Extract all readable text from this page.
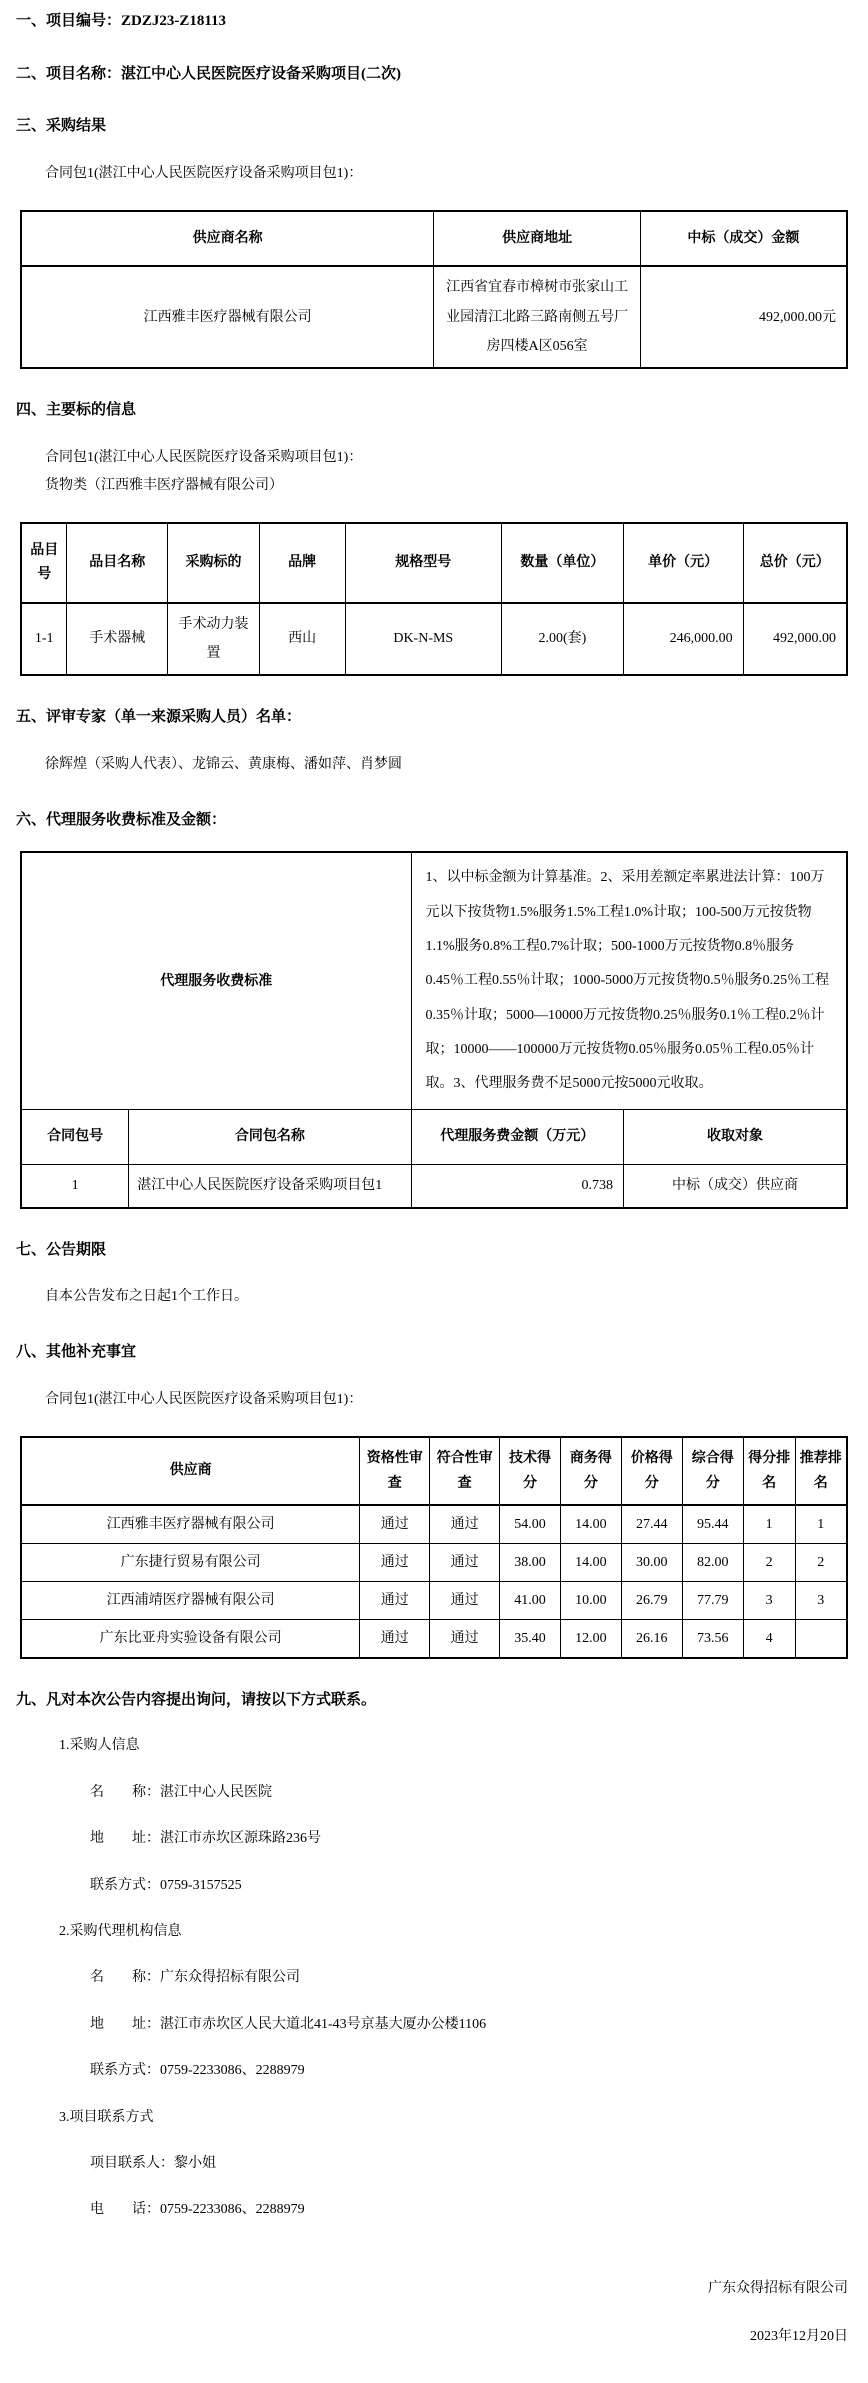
一、项目编号：ZDZJ23-Z18113
二、项目名称：湛江中心人民医院医疗设备采购项目(二次)
三、采购结果
合同包1(湛江中心人民医院医疗设备采购项目包1)：
供应商名称	供应商地址	中标（成交）金额
江西雅丰医疗器械有限公司	江西省宜春市樟树市张家山工业园清江北路三路南侧五号厂房四楼A区056室	492,000.00元
四、主要标的信息
合同包1(湛江中心人民医院医疗设备采购项目包1)：
货物类（江西雅丰医疗器械有限公司）
品目号	品目名称	采购标的	品牌	规格型号	数量（单位）	单价（元）	总价（元）
1-1	手术器械	手术动力装置	西山	DK-N-MS	2.00(套)	246,000.00	492,000.00
五、评审专家（单一来源采购人员）名单：
徐辉煌（采购人代表）、龙锦云、黄康梅、潘如萍、肖梦圆
六、代理服务收费标准及金额：
代理服务收费标准		1、以中标金额为计算基准。2、采用差额定率累进法计算：100万元以下按货物1.5%服务1.5%工程1.0%计取；100-500万元按货物1.1%服务0.8%工程0.7%计取；500-1000万元按货物0.8％服务0.45％工程0.55％计取；1000-5000万元按货物0.5％服务0.25％工程0.35％计取；5000—10000万元按货物0.25％服务0.1％工程0.2％计取；10000——100000万元按货物0.05％服务0.05％工程0.05％计取。3、代理服务费不足5000元按5000元收取。	
合同包号	合同包名称	代理服务费金额（万元）	收取对象
1	湛江中心人民医院医疗设备采购项目包1	0.738	中标（成交）供应商
七、公告期限
自本公告发布之日起1个工作日。
八、其他补充事宜
合同包1(湛江中心人民医院医疗设备采购项目包1)：
供应商	资格性审查	符合性审查	技术得分	商务得分	价格得分	综合得分	得分排名	推荐排名
江西雅丰医疗器械有限公司	通过	通过	54.00	14.00	27.44	95.44	1	1
广东捷行贸易有限公司	通过	通过	38.00	14.00	30.00	82.00	2	2
江西浦靖医疗器械有限公司	通过	通过	41.00	10.00	26.79	77.79	3	3
广东比亚舟实验设备有限公司	通过	通过	35.40	12.00	26.16	73.56	4	
九、凡对本次公告内容提出询问，请按以下方式联系。
1.采购人信息
名　　称：湛江中心人民医院
地　　址：湛江市赤坎区源珠路236号
联系方式：0759-3157525
2.采购代理机构信息
名　　称：广东众得招标有限公司
地　　址：湛江市赤坎区人民大道北41-43号京基大厦办公楼1106
联系方式：0759-2233086、2288979
3.项目联系方式
项目联系人：黎小姐
电　　话：0759-2233086、2288979
广东众得招标有限公司
2023年12月20日
